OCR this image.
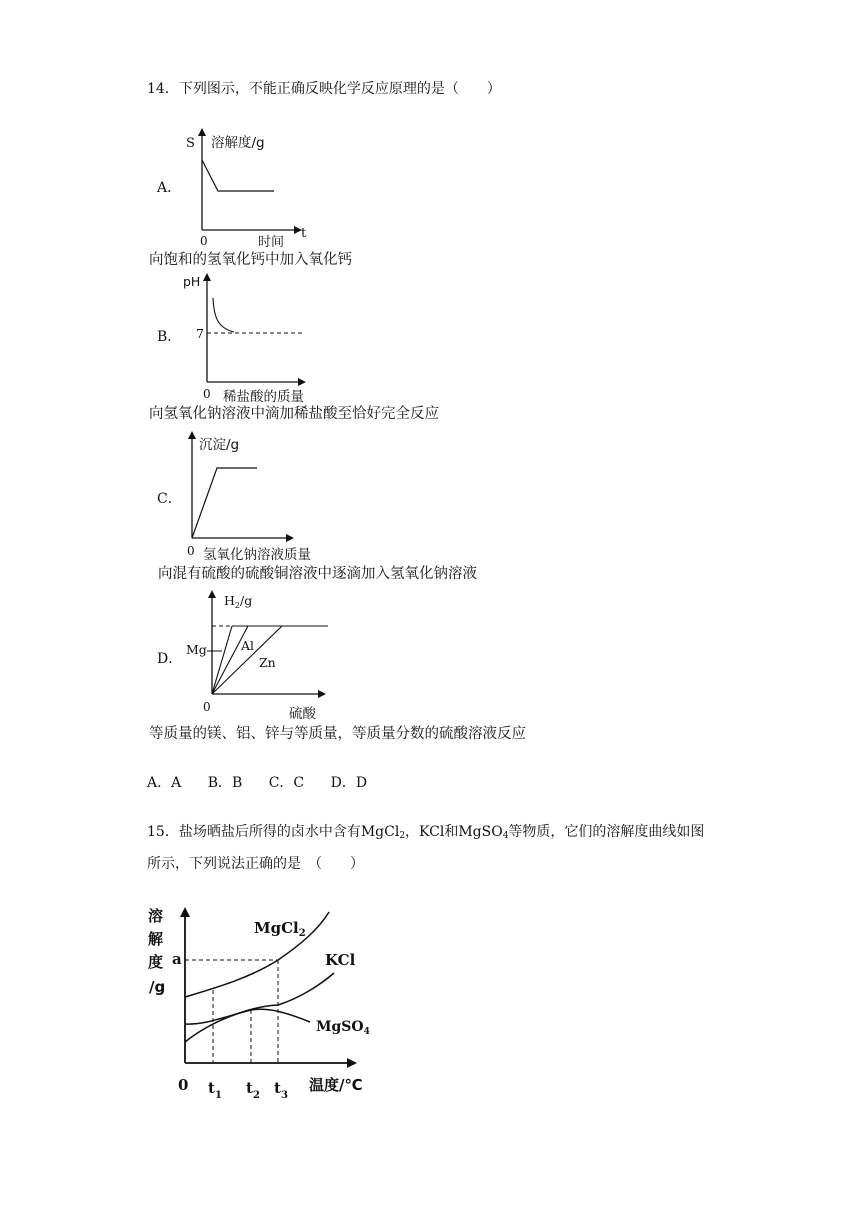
14．下列图示，不能正确反映化学反应原理的是（　　）
A．
S 溶解度/g
0	时间
t
向饱和的氢氧化钙中加入氧化钙
B．
pH
7
0 稀盐酸的质量
向氢氧化钠溶液中滴加稀盐酸至恰好完全反应
C．
沉淀/g
0 氢氧化钠溶液质量
向混有硫酸的硫酸铜溶液中逐滴加入氢氧化钠溶液
D．
$H_2/g$
Mg	Al
Zn
0	硫酸
等质量的镁、铝、锌与等质量，等质量分数的硫酸溶液反应
A．A B．B C．C D．D
15．盐场晒盐后所得的卤水中含有MgCl$_2$，KCl和MgSO$_4$等物质，它们的溶解度曲线如图
所示，下列说法正确的是　（　　）
溶
解
度
/g
a
MgCl$_2$
KCl
MgSO$_4$
0 $t_1$ $t_2$ $t_3$
温度/℃
